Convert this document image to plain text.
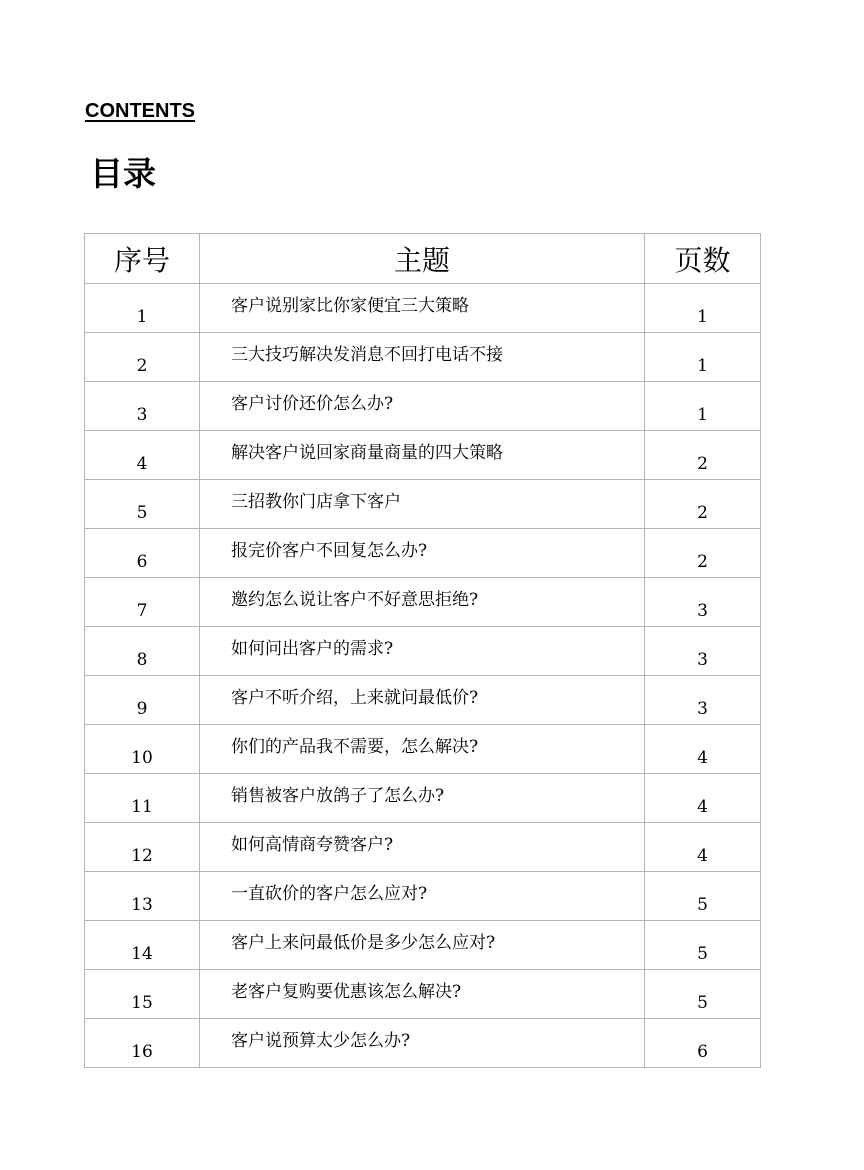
CONTENTS
目录
序号	主题	页数
1	客户说别家比你家便宜三大策略	1
2	三大技巧解决发消息不回打电话不接	1
3	客户讨价还价怎么办?	1
4	解决客户说回家商量商量的四大策略	2
5	三招教你门店拿下客户	2
6	报完价客户不回复怎么办?	2
7	邀约怎么说让客户不好意思拒绝?	3
8	如何问出客户的需求?	3
9	客户不听介绍，上来就问最低价?	3
10	你们的产品我不需要，怎么解决?	4
11	销售被客户放鸽子了怎么办?	4
12	如何高情商夸赞客户?	4
13	一直砍价的客户怎么应对?	5
14	客户上来问最低价是多少怎么应对?	5
15	老客户复购要优惠该怎么解决?	5
16	客户说预算太少怎么办?	6
